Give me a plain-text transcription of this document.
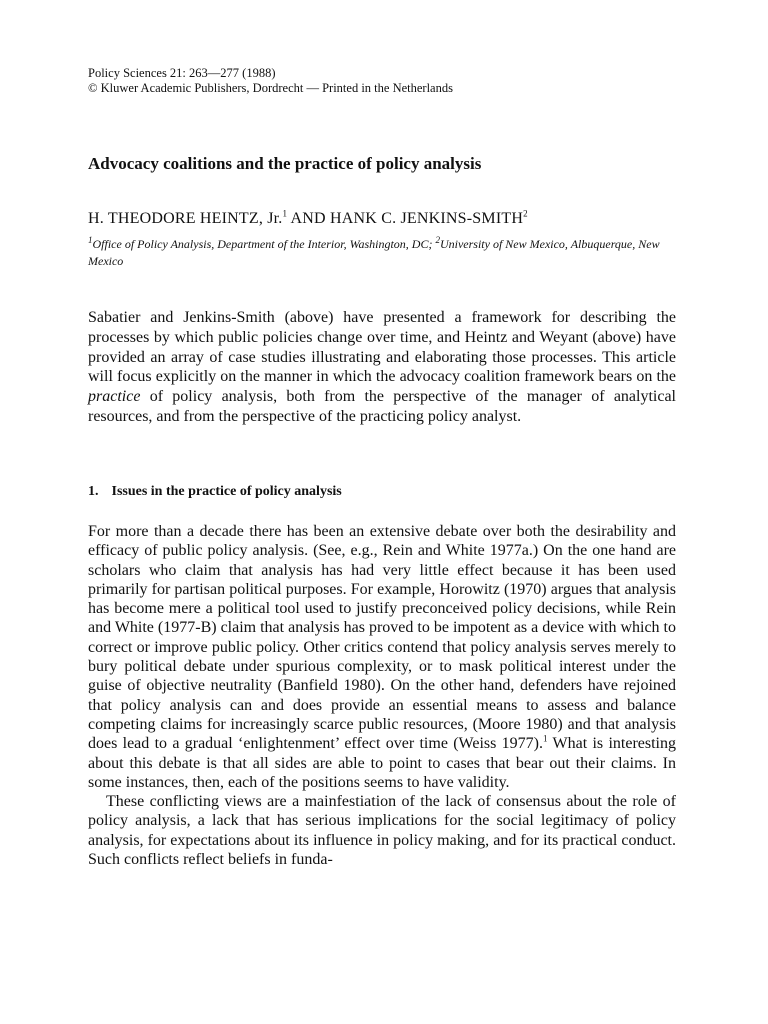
Policy Sciences 21: 263—277 (1988)
© Kluwer Academic Publishers, Dordrecht — Printed in the Netherlands
Advocacy coalitions and the practice of policy analysis
H. THEODORE HEINTZ, Jr.$^1$ AND HANK C. JENKINS-SMITH$^2$
$^1$Office of Policy Analysis, Department of the Interior, Washington, DC; $^2$University of New Mexico, Albuquerque, New Mexico

Sabatier and Jenkins-Smith (above) have presented a framework for describing the processes by which public policies change over time, and Heintz and Weyant (above) have provided an array of case studies illustrating and elaborating those processes. This article will focus explicitly on the manner in which the advocacy coalition framework bears on the practice of policy analysis, both from the perspective of the manager of analytical resources, and from the perspective of the practicing policy analyst.

1. Issues in the practice of policy analysis

For more than a decade there has been an extensive debate over both the desirability and efficacy of public policy analysis. (See, e.g., Rein and White 1977a.) On the one hand are scholars who claim that analysis has had very little effect because it has been used primarily for partisan political purposes. For example, Horowitz (1970) argues that analysis has become mere a political tool used to justify preconceived policy decisions, while Rein and White (1977-B) claim that analysis has proved to be impotent as a device with which to correct or improve public policy. Other critics contend that policy analysis serves merely to bury political debate under spurious complexity, or to mask political interest under the guise of objective neutrality (Banfield 1980). On the other hand, defenders have rejoined that policy analysis can and does provide an essential means to assess and balance competing claims for increasingly scarce public resources, (Moore 1980) and that analysis does lead to a gradual ‘enlightenment’ effect over time (Weiss 1977).$^1$ What is interesting about this debate is that all sides are able to point to cases that bear out their claims. In some instances, then, each of the positions seems to have validity.

These conflicting views are a mainfestiation of the lack of consensus about the role of policy analysis, a lack that has serious implications for the social legitimacy of policy analysis, for expectations about its influence in policy making, and for its practical conduct. Such conflicts reflect beliefs in funda-
